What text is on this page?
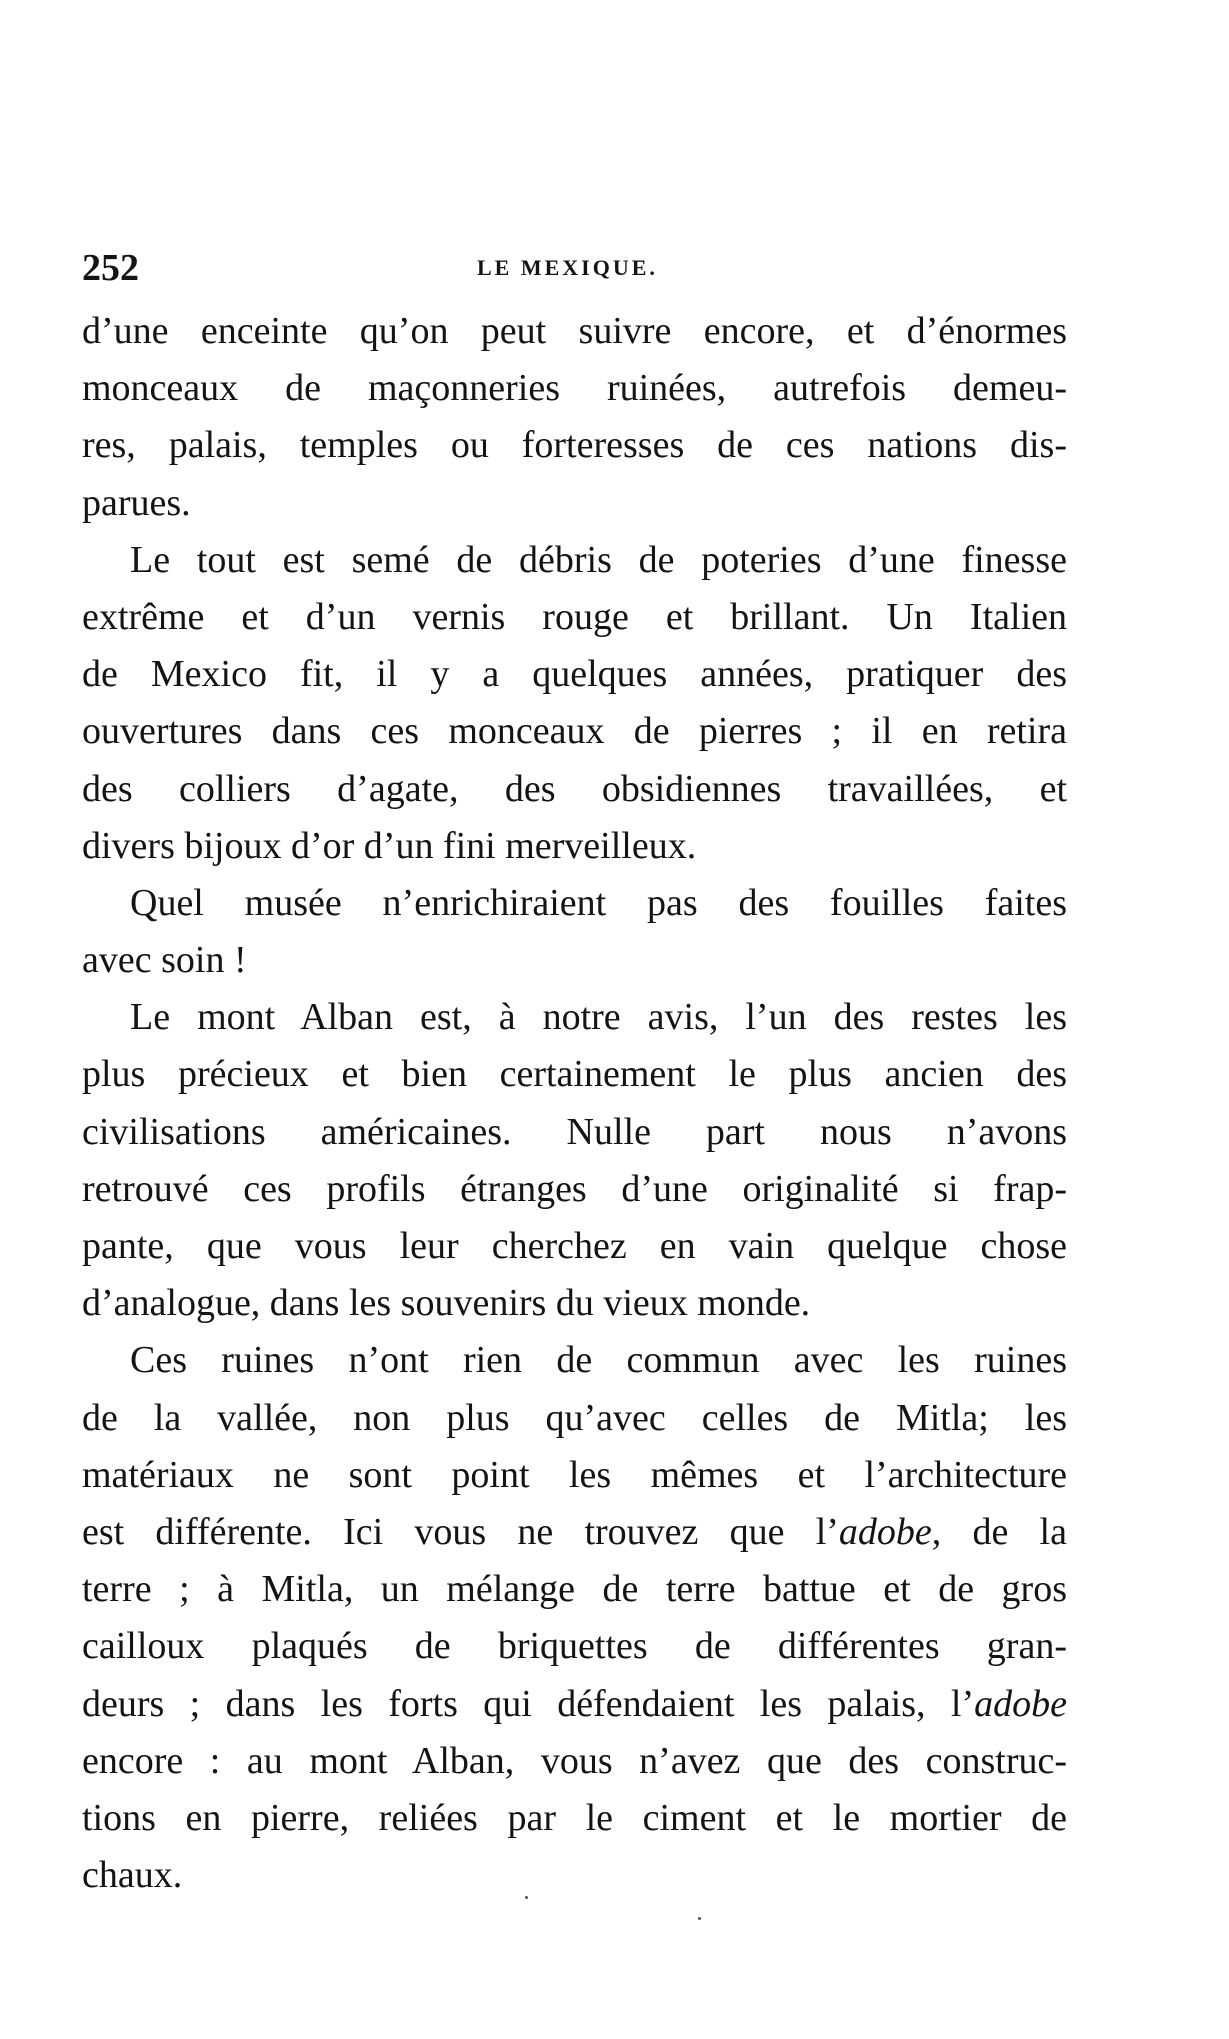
252	LE MEXIQUE.
d’une enceinte qu’on peut suivre encore, et d’énormes
monceaux de maçonneries ruinées, autrefois demeu-
res, palais, temples ou forteresses de ces nations dis-
parues.
Le tout est semé de débris de poteries d’une finesse
extrême et d’un vernis rouge et brillant. Un Italien
de Mexico fit, il y a quelques années, pratiquer des
ouvertures dans ces monceaux de pierres ; il en retira
des colliers d’agate, des obsidiennes travaillées, et
divers bijoux d’or d’un fini merveilleux.
Quel musée n’enrichiraient pas des fouilles faites
avec soin !
Le mont Alban est, à notre avis, l’un des restes les
plus précieux et bien certainement le plus ancien des
civilisations américaines. Nulle part nous n’avons
retrouvé ces profils étranges d’une originalité si frap-
pante, que vous leur cherchez en vain quelque chose
d’analogue, dans les souvenirs du vieux monde.
Ces ruines n’ont rien de commun avec les ruines
de la vallée, non plus qu’avec celles de Mitla; les
matériaux ne sont point les mêmes et l’architecture
est différente. Ici vous ne trouvez que l’adobe, de la
terre ; à Mitla, un mélange de terre battue et de gros
cailloux plaqués de briquettes de différentes gran-
deurs ; dans les forts qui défendaient les palais, l’adobe
encore : au mont Alban, vous n’avez que des construc-
tions en pierre, reliées par le ciment et le mortier de
chaux.
